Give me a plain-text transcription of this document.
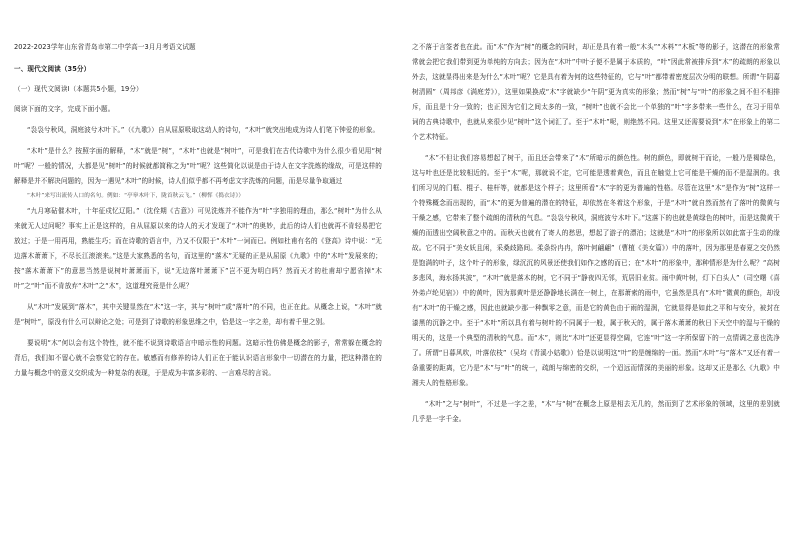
2022-2023学年山东省青岛市第二中学高一3月月考语文试题

一、现代文阅读（35分）

（一）现代文阅读Ⅰ（本题共5小题，19分）

阅读下面的文字，完成下面小题。

“袅袅兮秋风，洞庭波兮木叶下。”（《九歌》）自从屈原吸取这动人的诗句，“木叶”就突出地成为诗人们笔下钟爱的形象。

“木叶”是什么？按照字面的解释，“木”就是“树”，“木叶”也就是“树叶”，可是我们在古代诗歌中为什么很少看见用“树叶”呢？一般的情况，大都是见“树叶”的时候就都简称之为“叶”呢？这些简化以说是由于诗人在文字洗炼的缘故，可是这样的解释是并不解决问题的，因为一遇见“木叶”的时候，诗人们似乎都不再考虑文字洗炼的问题，而是尽量争取通过

“木叶”来写出流传人口的名句。例如：“亭皋木叶下，陇首秋云飞。”（柳恽《捣衣诗》）

“九月寒砧催木叶，十年征戍忆辽阳。”（沈佺期《古意》）可见洗炼并不能作为“叶”字独用的理由，那么“树叶”为什么从来就无人过问呢？事实上正是这样的，自从屈原以来的诗人的天才发现了“木叶”的奥妙，此后的诗人们也就再不肯轻易把它放过；于是一用再用，熟能生巧；而在诗歌的语言中，乃又不仅限于“木叶”一词而已。例如杜甫有名的《登高》诗中说：“无边落木萧萧下，不尽长江滚滚来。”这是大家熟悉的名句，而这里的“落木”无疑的正是从屈原《九歌》中的“木叶”发展来的；按“落木萧萧下”的意思当然是说树叶萧萧而下，说“无边落叶萧萧下”岂不更为明白吗？然而天才的杜甫却宁愿省掉“木叶”之“叶”而不肯放弃“木叶”之“木”，这道理究竟是什么呢？

从“木叶”发展到“落木”，其中关键显然在“木”这一字，其与“树叶”或“落叶”的不同，也正在此。从概念上说，“木叶”就是“树叶”，原没有什么可以辩论之处；可是到了诗歌的形象思维之中，恰是这一字之差，却有着千里之别。

要说明“木”何以会有这个特性，就不能不说到诗歌语言中暗示性的问题。这暗示性仿佛是概念的影子，常常躲在概念的背后，我们如不留心就不会察觉它的存在。敏感而有修养的诗人们正在于能认识语言形象中一切潜在的力量，把这种潜在的力量与概念中的意义交织成为一种复杂的表现，于是成为丰富多彩的、一言难尽的言说。

之不落于言筌者也在此。而“木”作为“树”的概念的同时，却正是具有着一般“木头”“木料”“木板”等的影子，这潜在的形象常常就会把它我们带到更为单纯的方向去；因为在“木叶”中叶子便不是属于本质的，“叶”因此常被排斥到“木”的疏朗的形象以外去，这就显得出来是为什么“木叶”呢？它是具有着为何的这些特征的，它与“叶”都带着密度层次分明的联想。所谓“午阴嘉树清圆”（周邦彦《满庭芳》），这里如果换成“木”字就缺少“午阴”更为真实的形象；然而“树”与“叶”的形象之间不但不相排斥，而且是十分一致的；也正因为它们之间太多的一致，“树叶”也就不会比一个单独的“叶”字多带来一些什么，在习于用单词的古典诗歌中，也就从来很少见“树叶”这个词汇了。至于“木叶”呢，则绝然不同。这里又还需要说到“木”在形象上的第二个艺术特征。

“木”不但让我们容易想起了树干，而且还会带来了“木”所暗示的颜色性。树的颜色，即就树干而论，一般乃是褐绿色，这与叶也还是比较相近的。至于“木”呢，那就说不定，它可能是透着黄色，而且在触觉上它可能是干燥的而不是湿润的。我们所习见的门框、棍子、桂杆等，就都是这个样子；这里所看“木”字的更为普遍的性格。尽管在这里“木”是作为“树”这样一个特殊概念而出现的，而“木”的更为普遍的潜在的特征，却依然在冬着这个形象，于是“木叶”就自然而然有了落叶的微黄与干燥之感，它带来了整个疏朗的清秋的气息。“袅袅兮秋风，洞庭波兮木叶下。”这落下的也就是黄绿色的树叶，而是这微黄干燥的而透出空阔秋意之中的。而秋天也就有了寄人的愁思，想起了游子的漂泊；这就是“木叶”的形象所以如此富于生动的缘故。它不同于“美女妖且闲，采桑歧路间。柔条纷冉冉，落叶何翩翩”（曹植《美女篇》）中的落叶，因为那里是春夏之交仍然是饱满的叶子，这个叶子的形象，绿沉沉的风景还使我们如作之感的而已；在“木叶”的形象中，那种情形是为什么呢？“高树多悲风，海水扬其波”，“木叶”就是落木的树，它不同于“静夜四无邻，荒居旧业贫。雨中黄叶树，灯下白头人”（司空曙《喜外弟卢纶见宿》）中的黄叶，因为那黄叶是还静静地长满在一树上，在那萧索的雨中，它虽然是具有“木叶”微黄的颜色，却没有“木叶”的干燥之感，因此也就缺少那一种飘零之意，而是它的黄色由于雨的湿润，它就显得是如此之平和与安分，被封在漆黑的沉静之中。至于“木叶”所以具有着与树叶的不同属于一般，属于秋天的，属于落木萧萧的秋日下天空中的湿与干燥的明天的，这是一个典型的清秋的气息。而“木”，则比“木叶”还更显得空阔，它连“叶”这一字所保留下的一点情调之意也洗净了。所谓“日暮风吹，叶落依枝”（吴均《青溪小姑歌》）恰是以说明这“叶”的是缠绵的一面。然而“木叶”与“落木”又还有着一条重要的距离，它乃是“木”与“叶”的统一，疏朗与绵密的交织，一个迢远而情深的美丽的形象。这却又正是那么《九歌》中湘夫人的性格形象。

“木叶”之与“树叶”，不过是一字之差，“木”与“树”在概念上原是相去无几的，然而到了艺术形象的领域，这里的差别就几乎是一字千金。
